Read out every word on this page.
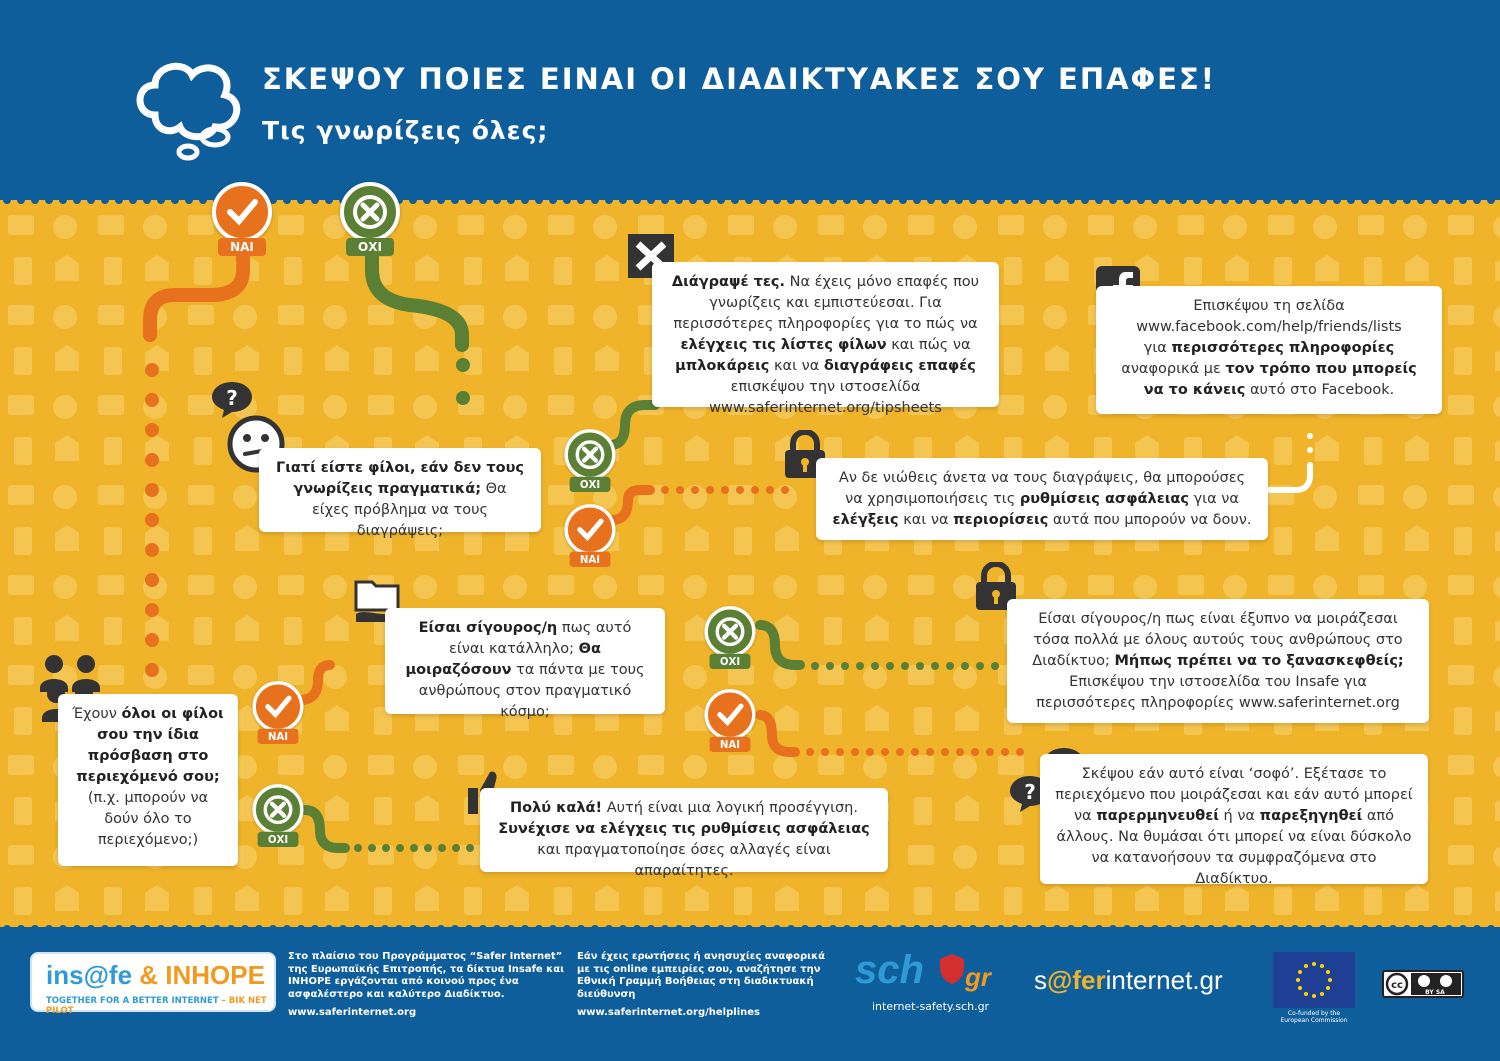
ΣΚΕΨΟΥ ΠΟΙΕΣ ΕΙΝΑΙ ΟΙ ΔΙΑΔΙΚΤΥΑΚΕΣ ΣΟΥ ΕΠΑΦΕΣ!
Τις γνωρίζεις όλες;
ΝΑΙ	ΟΧΙ
ΟΧΙ
ΝΑΙ
ΝΑΙ
ΟΧΙ
ΝΑΙ
ΟΧΙ
?
?
Διάγραψέ τες. Να έχεις μόνο επαφές που γνωρίζεις και εμπιστεύεσαι. Για περισσότερες πληροφορίες για το πώς να ελέγχεις τις λίστες φίλων και πώς να μπλοκάρεις και να διαγράφεις επαφές επισκέψου την ιστοσελίδα www.saferinternet.org/tipsheets
Επισκέψου τη σελίδα
www.facebook.com/help/friends/lists
για περισσότερες πληροφορίες αναφορικά με τον τρόπο που μπορείς να το κάνεις αυτό στο Facebook.
Γιατί είστε φίλοι, εάν δεν τους γνωρίζεις πραγματικά; Θα είχες πρόβλημα να τους διαγράψεις;
Αν δε νιώθεις άνετα να τους διαγράψεις, θα μπορούσες να χρησιμοποιήσεις τις ρυθμίσεις ασφάλειας για να ελέγξεις και να περιορίσεις αυτά που μπορούν να δουν.
Είσαι σίγουρος/η πως αυτό είναι κατάλληλο; Θα μοιραζόσουν τα πάντα με τους ανθρώπους στον πραγματικό κόσμο;
Είσαι σίγουρος/η πως είναι έξυπνο να μοιράζεσαι τόσα πολλά με όλους αυτούς τους ανθρώπους στο Διαδίκτυο; Μήπως πρέπει να το ξανασκεφθείς; Επισκέψου την ιστοσελίδα του Insafe για περισσότερες πληροφορίες www.saferinternet.org
Έχουν όλοι οι φίλοι σου την ίδια πρόσβαση στο περιεχόμενό σου; (π.χ. μπορούν να δούν όλο το περιεχόμενο;)
Πολύ καλά! Αυτή είναι μια λογική προσέγγιση. Συνέχισε να ελέγχεις τις ρυθμίσεις ασφάλειας και πραγματοποίησε όσες αλλαγές είναι απαραίτητες.
Σκέψου εάν αυτό είναι ‘σοφό’. Εξέτασε το περιεχόμενο που μοιράζεσαι και εάν αυτό μπορεί να παρερμηνευθεί ή να παρεξηγηθεί από άλλους. Να θυμάσαι ότι μπορεί να είναι δύσκολο να κατανοήσουν τα συμφραζόμενα στο Διαδίκτυο.
ins@fe & INHOPE
TOGETHER FOR A BETTER INTERNET – BIK NET PILOT
Στο πλαίσιο του Προγράμματος “Safer Internet” της Ευρωπαϊκής Επιτροπής, τα δίκτυα Insafe και INHOPE εργάζονται από κοινού προς ένα ασφαλέστερο και καλύτερο Διαδίκτυο.
www.saferinternet.org
Εάν έχεις ερωτήσεις ή ανησυχίες αναφορικά με τις online εμπειρίες σου, αναζήτησε την Εθνική Γραμμή Βοήθειας στη διαδικτυακή διεύθυνση
www.saferinternet.org/helplines
sch gr
internet-safety.sch.gr
s@ferinternet.gr
Co-funded by the European Commission
cc
BY SA
